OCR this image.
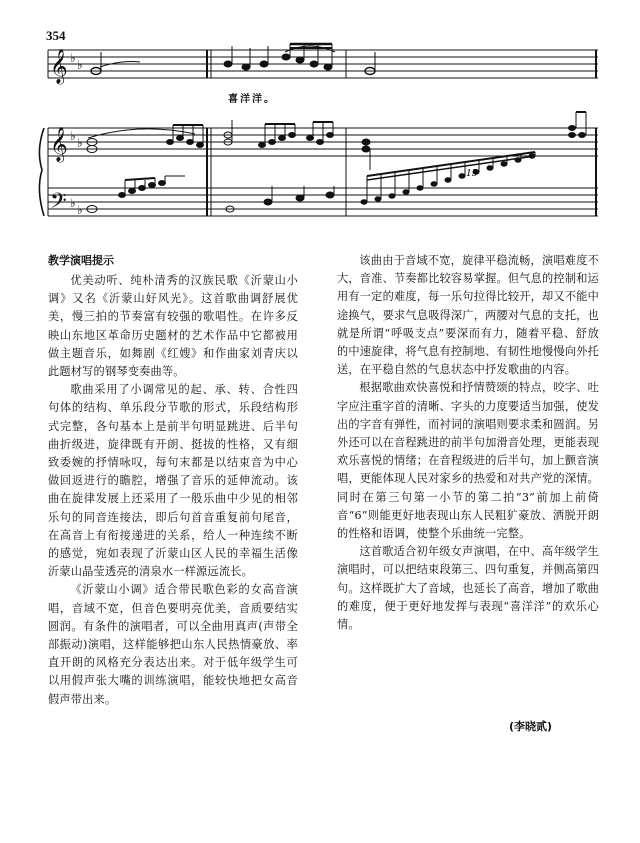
354
𝄞
𝄞
𝄢
♭ ♭
♭ ♭
♭ ♭
15
喜洋洋。
教学演唱提示

优美动听、纯朴清秀的汉族民歌《沂蒙山小调》又名《沂蒙山好风光》。这首歌曲调舒展优美，慢三拍的节奏富有较强的歌唱性。在许多反映山东地区革命历史题材的艺术作品中它都被用做主题音乐，如舞剧《红嫂》和作曲家刘青庆以此题材写的钢琴变奏曲等。

歌曲采用了小调常见的起、承、转、合性四句体的结构、单乐段分节歌的形式，乐段结构形式完整，各句基本上是前半句明显跳进、后半句曲折级进，旋律既有开朗、挺拔的性格，又有细致委婉的抒情咏叹，每句末都是以结束音为中心做回返进行的瞻腔，增强了音乐的延伸流动。该曲在旋律发展上还采用了一般乐曲中少见的相邻乐句的同音连接法，即后句首音重复前句尾音，在高音上有衔接递进的关系，给人一种连续不断的感觉，宛如表现了沂蒙山区人民的幸福生活像沂蒙山晶莹透亮的清泉水一样源远流长。

《沂蒙山小调》适合带民歌色彩的女高音演唱，音域不宽，但音色要明亮优美，音质要结实圆润。有条件的演唱者，可以全曲用真声(声带全部振动)演唱，这样能够把山东人民热情豪放、率直开朗的风格充分表达出来。对于低年级学生可以用假声张大嘴的训练演唱，能较快地把女高音假声带出来。

该曲由于音域不宽，旋律平稳流畅，演唱难度不大，音准、节奏都比较容易掌握。但气息的控制和运用有一定的难度，每一乐句拉得比较开，却又不能中途换气，要求气息吸得深广，两腰对气息的支托，也就是所谓“呼吸支点”要深而有力，随着平稳、舒放的中速旋律，将气息有控制地、有韧性地慢慢向外托送，在平稳自然的气息状态中抒发歌曲的内容。

根据歌曲欢快喜悦和抒情赞颂的特点，咬字、吐字应注重字首的清晰、字头的力度要适当加强，使发出的字音有弹性，而衬词的演唱则要求柔和圆润。另外还可以在音程跳进的前半句加滑音处理，更能表现欢乐喜悦的情绪；在音程级进的后半句，加上颤音演唱，更能体现人民对家乡的热爱和对共产党的深情。同时在第三句第一小节的第二拍“3”前加上前倚音“6”则能更好地表现山东人民粗犷豪放、洒脱开朗的性格和语调，使整个乐曲统一完整。

这首歌适合初年级女声演唱，在中、高年级学生演唱时，可以把结束段第三、四句重复，并侧高第四句。这样既扩大了音域，也延长了高音，增加了歌曲的难度，便于更好地发挥与表现“喜洋洋”的欢乐心情。

(李晓贰)
